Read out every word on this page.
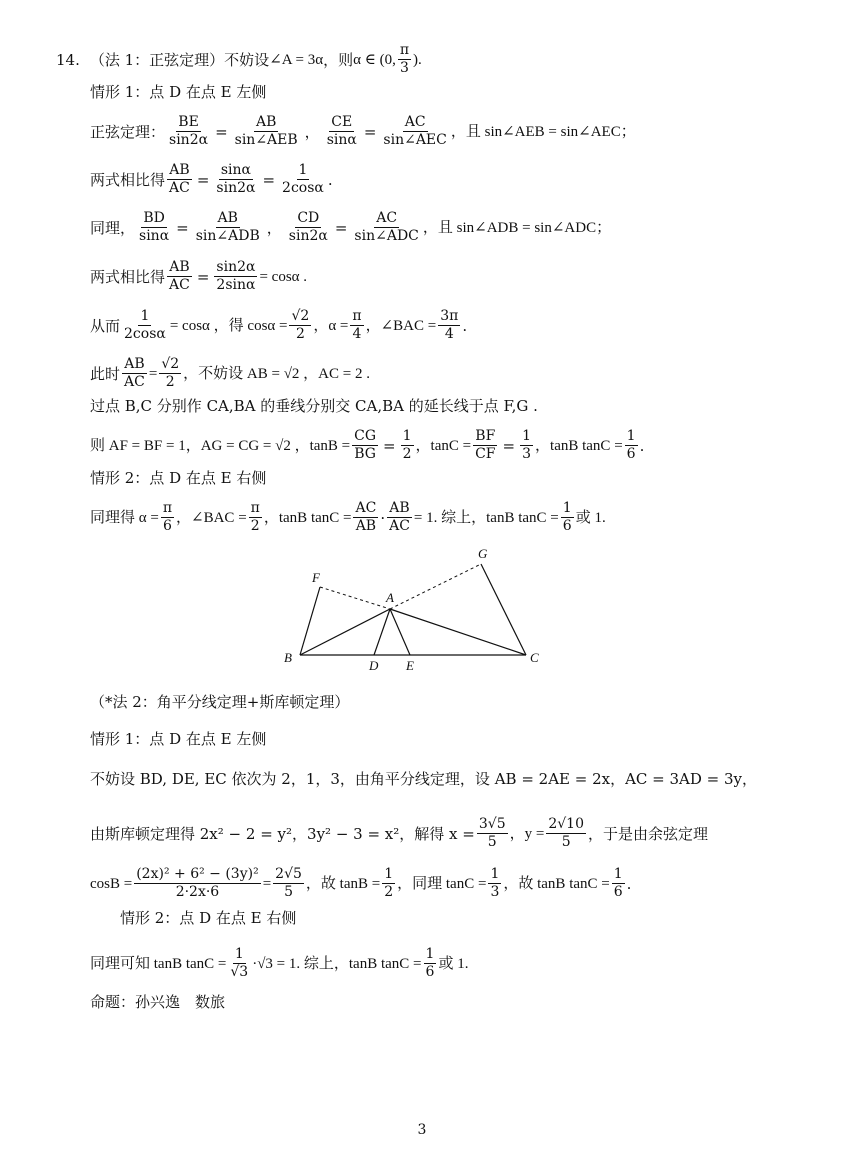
14. （法 1：正弦定理）不妨设 ∠A = 3α ，则 α ∈ (0, $\frac{\pi}{3}$ ).
情形 1：点 D 在点 E 左侧
正弦定理： $\frac{BE}{\sin 2\alpha} = \frac{AB}{\text{sin∠AEB}}$ ， $\frac{CE}{\sin\alpha} = \frac{AC}{\text{sin∠AEC}}$ ，且 sin∠AEB = sin∠AEC；
两式相比得 $\frac{AB}{AC} = \frac{\sin\alpha}{\sin 2\alpha} = \frac{1}{2\cos\alpha}$ .
同理， $\frac{BD}{\sin\alpha} = \frac{AB}{\text{sin∠ADB}}$ ， $\frac{CD}{\sin 2\alpha} = \frac{AC}{\text{sin∠ADC}}$ ，且 sin∠ADB = sin∠ADC；
两式相比得 $\frac{AB}{AC} = \frac{\sin 2\alpha}{2\sin\alpha} = \cos\alpha$ .
从而 $\frac{1}{2\cos\alpha} = \cos\alpha$ ，得 $\cos\alpha = \frac{√2}{2}$ ，$\alpha = \frac{\pi}{4}$ ，∠BAC = $\frac{3\pi}{4}$ .
此时 $\frac{AB}{AC} = \frac{√2}{2}$ ，不妨设 AB = √2 ，AC = 2 .
过点 B,C 分别作 CA,BA 的垂线分别交 CA,BA 的延长线于点 F,G .
则 AF = BF = 1，AG = CG = √2 ，$\tan B = \frac{CG}{BG} = \frac{1}{2}$ ，$\tan C = \frac{BF}{CF} = \frac{1}{3}$ ，tanB $\tan C = \frac{1}{6}$ .
情形 2：点 D 在点 E 右侧
同理得 $\alpha = \frac{\pi}{6}$ ，∠BAC = $\frac{\pi}{2}$ ，tanB $\tan C = \frac{AC}{AB} \cdot \frac{AB}{AC} = 1$. 综上，tanB $\tan C = \frac{1}{6}$ 或 1.
F
G
A
B	C
D E
（*法 2：角平分线定理+斯库顿定理）
情形 1：点 D 在点 E 左侧
不妨设 BD, DE, EC 依次为 2，1，3，由角平分线定理，设 AB = 2AE = 2x，AC = 3AD = 3y，
由斯库顿定理得 2x² − 2 = y²，3y² − 3 = x²，解得 $x = \frac{3√5}{5}$ ，$y = \frac{2√10}{5}$ ，于是由余弦定理
$\cos B = \frac{\text{(2x)² + 6² − (3y)²}}{2\cdot 2x\cdot 6} = \frac{2√5}{5}$ ，故 $\tan B = \frac{1}{2}$ ，同理 $\tan C = \frac{1}{3}$ ，故 tanB $\tan C = \frac{1}{6}$ .
情形 2：点 D 在点 E 右侧
同理可知 tanB $\tan C = \frac{1}{√3} \cdot√3 = 1$. 综上，tanB $\tan C = \frac{1}{6}$ 或 1.
命题：孙兴逸　数旅
3
